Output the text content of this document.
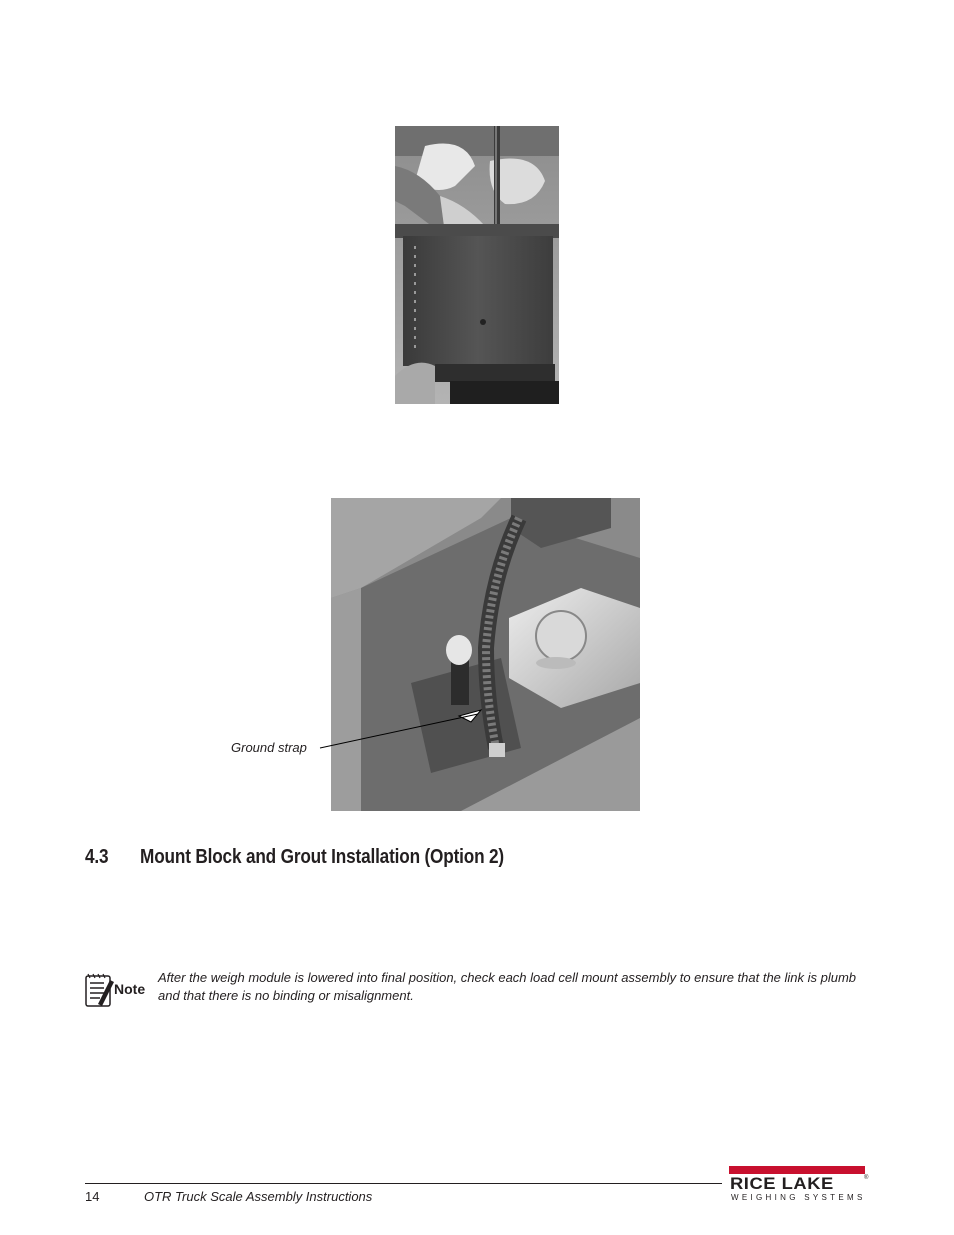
Ground strap
4.3 Mount Block and Grout Installation (Option 2)
Note
After the weigh module is lowered into final position, check each load cell mount assembly to ensure that the link is plumb and that there is no binding or misalignment.
14	OTR Truck Scale Assembly Instructions
RICE LAKE	®
WEIGHING SYSTEMS
